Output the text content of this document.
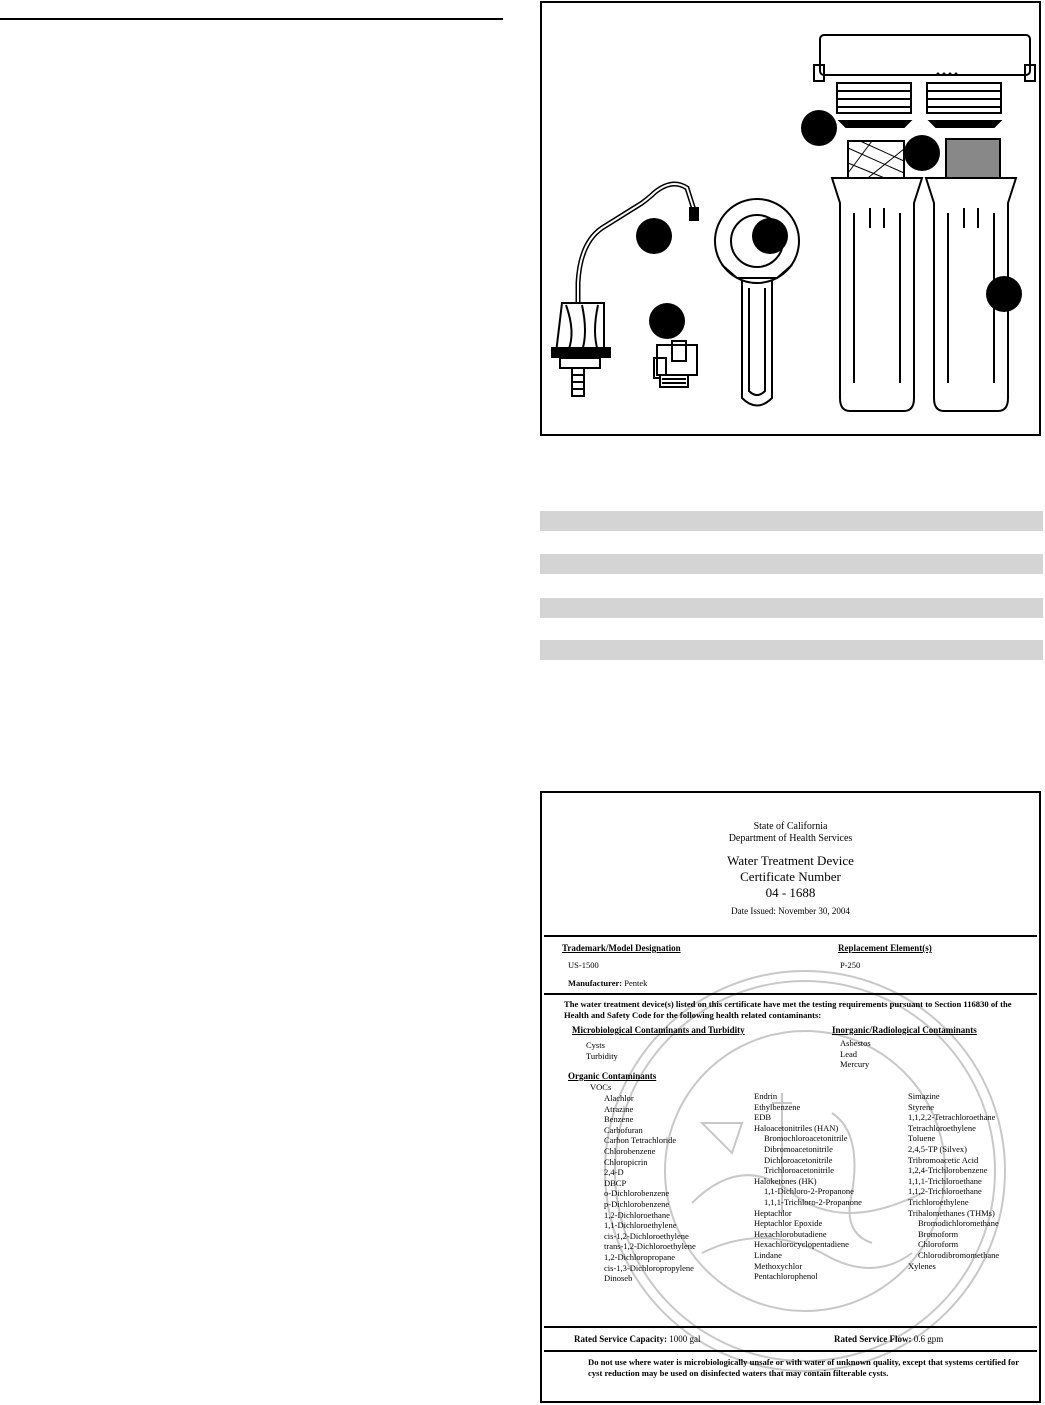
State of California
Department of Health Services
Water Treatment Device
Certificate Number
04 - 1688
Date Issued: November 30, 2004
Trademark/Model Designation
US-1500
Replacement Element(s)
P-250
Manufacturer: Pentek
The water treatment device(s) listed on this certificate have met the testing requirements pursuant to Section 116830 of the Health and Safety Code for the following health related contaminants:
Microbiological Contaminants and Turbidity
Cysts
Turbidity
Inorganic/Radiological Contaminants
Asbestos
Lead
Mercury
Organic Contaminants
VOCs
Alachlor
Atrazine
Benzene
Carbofuran
Carbon Tetrachloride
Chlorobenzene
Chloropicrin
2,4-D
DBCP
o-Dichlorobenzene
p-Dichlorobenzene
1,2-Dichloroethane
1,1-Dichloroethylene
cis-1,2-Dichloroethylene
trans-1,2-Dichloroethylene
1,2-Dichloropropane
cis-1,3-Dichloropropylene
Dinoseb
Endrin
Ethylbenzene
EDB
Haloacetonitriles (HAN)
Bromochloroacetonitrile
Dibromoacetonitrile
Dichloroacetonitrile
Trichloroacetonitrile
Haloketones (HK)
1,1-Dichloro-2-Propanone
1,1,1-Trichloro-2-Propanone
Heptachlor
Heptachlor Epoxide
Hexachlorobutadiene
Hexachlorocyclopentadiene
Lindane
Methoxychlor
Pentachlorophenol
Simazine
Styrene
1,1,2,2-Tetrachloroethane
Tetrachloroethylene
Toluene
2,4,5-TP (Silvex)
Tribromoacetic Acid
1,2,4-Trichlorobenzene
1,1,1-Trichloroethane
1,1,2-Trichloroethane
Trichloroethylene
Trihalomethanes (THMs)
Bromodichloromethane
Bromoform
Chloroform
Chlorodibromomethane
Xylenes
Rated Service Capacity: 1000 gal	Rated Service Flow: 0.6 gpm
Do not use where water is microbiologically unsafe or with water of unknown quality, except that systems certified for cyst reduction may be used on disinfected waters that may contain filterable cysts.
